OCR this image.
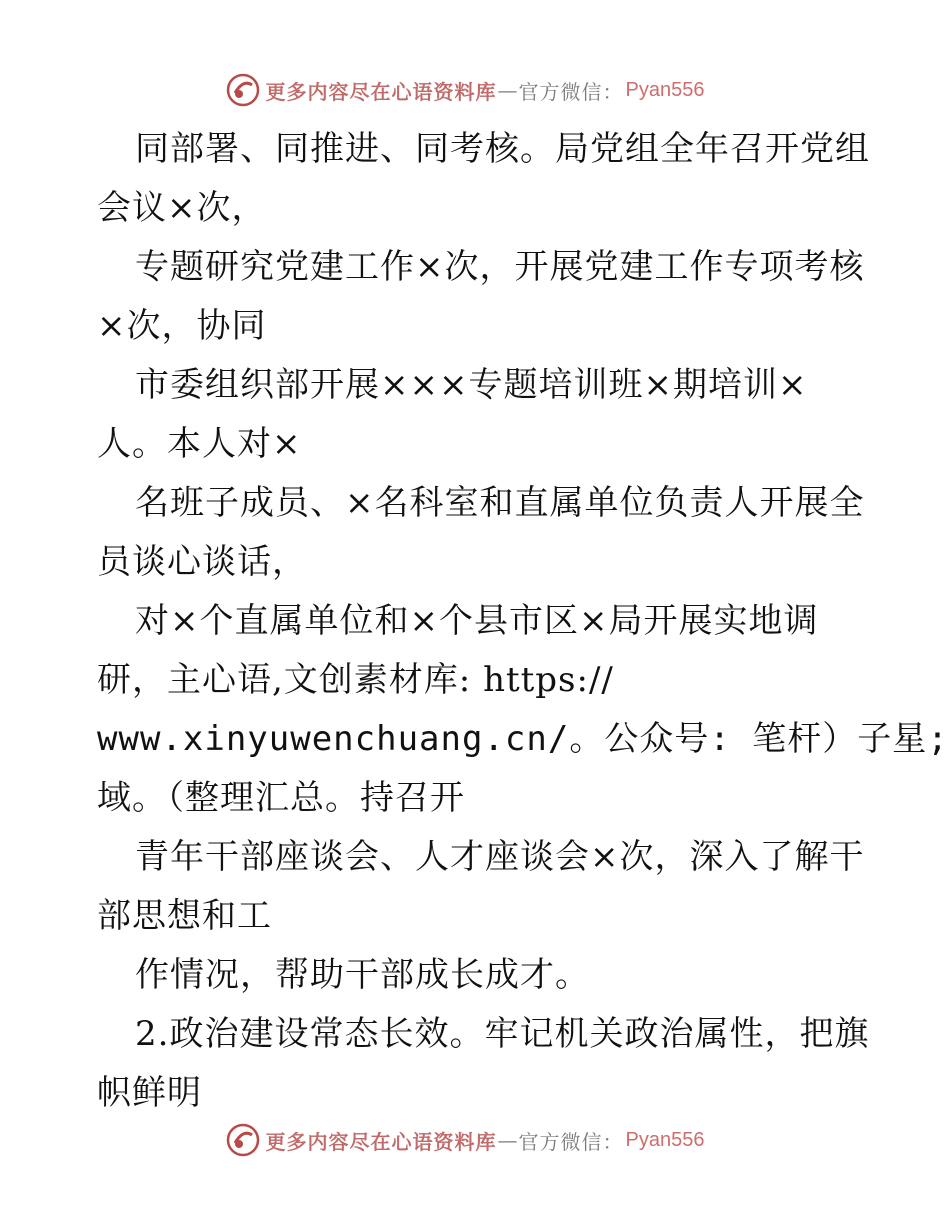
更多内容尽在心语资料库 — 官方微信： Pyan556
同部署、同推进、同考核。局党组全年召开党组
会议×次，
专题研究党建工作×次，开展党建工作专项考核
×次，协同
市委组织部开展×××专题培训班×期培训×
人。本人对×
名班子成员、×名科室和直属单位负责人开展全
员谈心谈话，
对×个直属单位和×个县市区×局开展实地调
研，主心语,文创素材库: https://
www.xinyuwenchuang.cn/。公众号: 笔杆）子星;
域。（整理汇总。持召开
青年干部座谈会、人才座谈会×次，深入了解干
部思想和工
作情况，帮助干部成长成才。
2.政治建设常态长效。牢记机关政治属性，把旗
帜鲜明
更多内容尽在心语资料库 — 官方微信： Pyan556
